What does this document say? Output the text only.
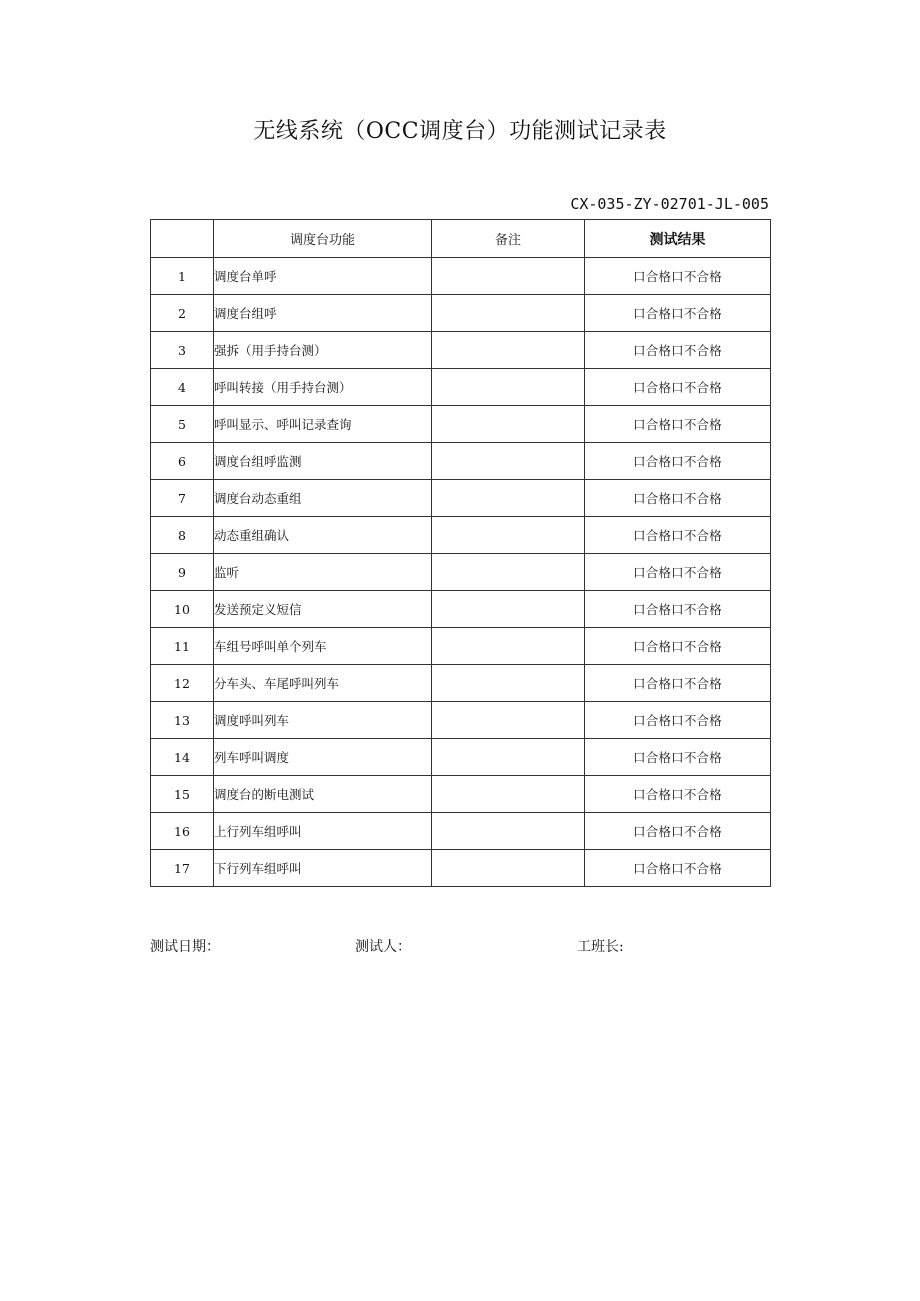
无线系统（OCC调度台）功能测试记录表
CX-035-ZY-02701-JL-005
	调度台功能	备注	测试结果
1	调度台单呼		口合格口不合格
2	调度台组呼		口合格口不合格
3	强拆（用手持台测）		口合格口不合格
4	呼叫转接（用手持台测）		口合格口不合格
5	呼叫显示、呼叫记录查询		口合格口不合格
6	调度台组呼监测		口合格口不合格
7	调度台动态重组		口合格口不合格
8	动态重组确认		口合格口不合格
9	监听		口合格口不合格
10	发送预定义短信		口合格口不合格
11	车组号呼叫单个列车		口合格口不合格
12	分车头、车尾呼叫列车		口合格口不合格
13	调度呼叫列车		口合格口不合格
14	列车呼叫调度		口合格口不合格
15	调度台的断电测试		口合格口不合格
16	上行列车组呼叫		口合格口不合格
17	下行列车组呼叫		口合格口不合格
测试日期：	测试人：	工班长:
